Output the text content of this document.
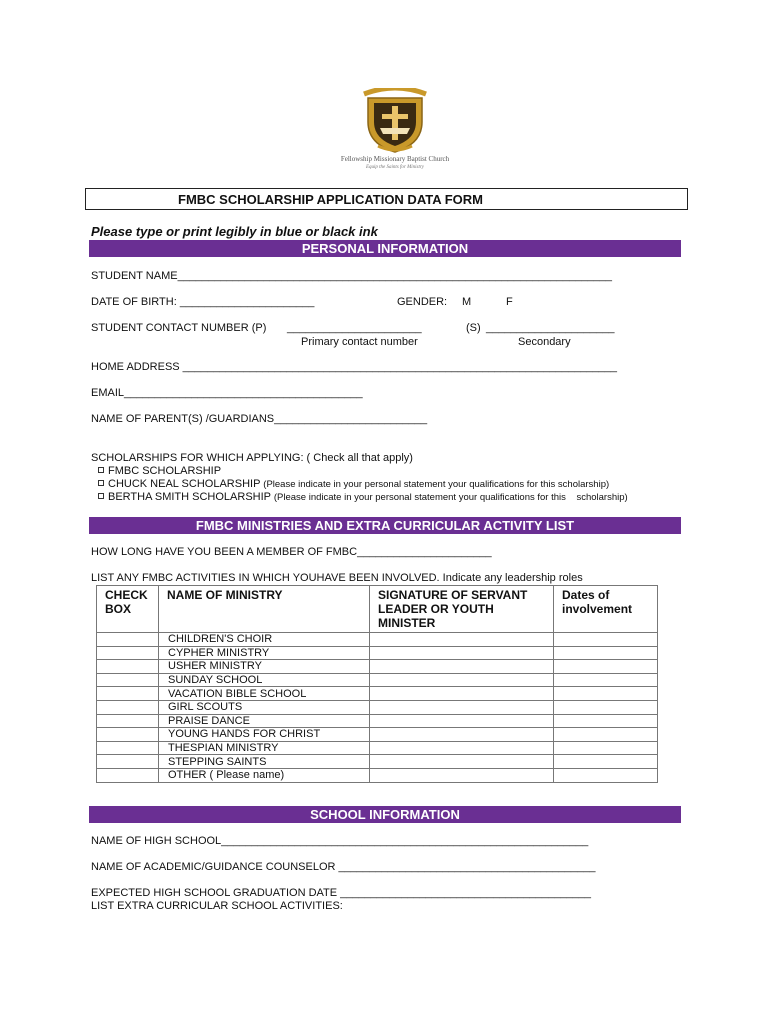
Fellowship Missionary Baptist Church
Equip the Saints for Ministry
FMBC SCHOLARSHIP APPLICATION DATA FORM
Please type or print legibly in blue or black ink
PERSONAL INFORMATION
STUDENT NAME_______________________________________________________________________
DATE OF BIRTH: ______________________	GENDER: M	F
STUDENT CONTACT NUMBER (P) ______________________	(S) _____________________
Primary contact number	Secondary
HOME ADDRESS _______________________________________________________________________
EMAIL_______________________________________
NAME OF PARENT(S) /GUARDIANS_________________________
SCHOLARSHIPS FOR WHICH APPLYING: ( Check all that apply)
FMBC SCHOLARSHIP
CHUCK NEAL SCHOLARSHIP (Please indicate in your personal statement your qualifications for this scholarship)
BERTHA SMITH SCHOLARSHIP (Please indicate in your personal statement your qualifications for this    scholarship)
FMBC MINISTRIES AND EXTRA CURRICULAR ACTIVITY LIST
HOW LONG HAVE YOU BEEN A MEMBER OF FMBC______________________
LIST ANY FMBC ACTIVITIES IN WHICH YOUHAVE BEEN INVOLVED. Indicate any leadership roles
CHECK BOX	NAME OF MINISTRY	SIGNATURE OF SERVANT LEADER OR YOUTH MINISTER	Dates of involvement
	CHILDREN'S CHOIR		
	CYPHER MINISTRY		
	USHER MINISTRY		
	SUNDAY SCHOOL		
	VACATION BIBLE SCHOOL		
	GIRL SCOUTS		
	PRAISE DANCE		
	YOUNG HANDS FOR CHRIST		
	THESPIAN MINISTRY		
	STEPPING SAINTS		
	OTHER ( Please name)		
SCHOOL INFORMATION
NAME OF HIGH SCHOOL____________________________________________________________
NAME OF ACADEMIC/GUIDANCE COUNSELOR __________________________________________
EXPECTED HIGH SCHOOL GRADUATION DATE _________________________________________
LIST EXTRA CURRICULAR SCHOOL ACTIVITIES:
